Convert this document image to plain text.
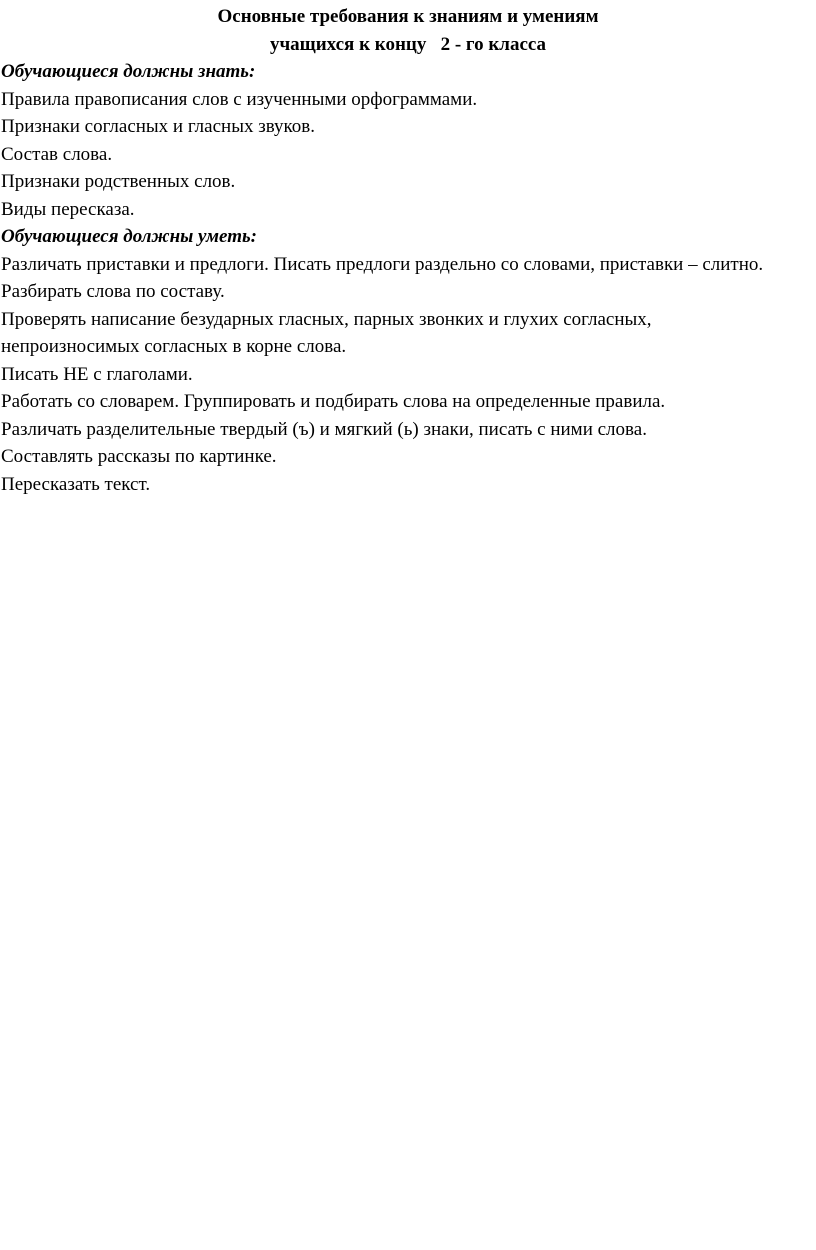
Основные требования к знаниям и умениям
учащихся к концу   2 - го класса
Обучающиеся должны знать:
Правила правописания слов с изученными орфограммами.
Признаки согласных и гласных звуков.
Состав слова.
Признаки родственных слов.
Виды пересказа.
Обучающиеся должны уметь:
Различать приставки и предлоги. Писать предлоги раздельно со словами, приставки – слитно.
Разбирать слова по составу.
Проверять написание безударных гласных, парных звонких и глухих согласных, непроизносимых согласных в корне слова.
Писать НЕ с глаголами.
Работать со словарем. Группировать и подбирать слова на определенные правила.
Различать разделительные твердый (ъ) и мягкий (ь) знаки, писать с ними слова.
Составлять рассказы по картинке.
Пересказать текст.
